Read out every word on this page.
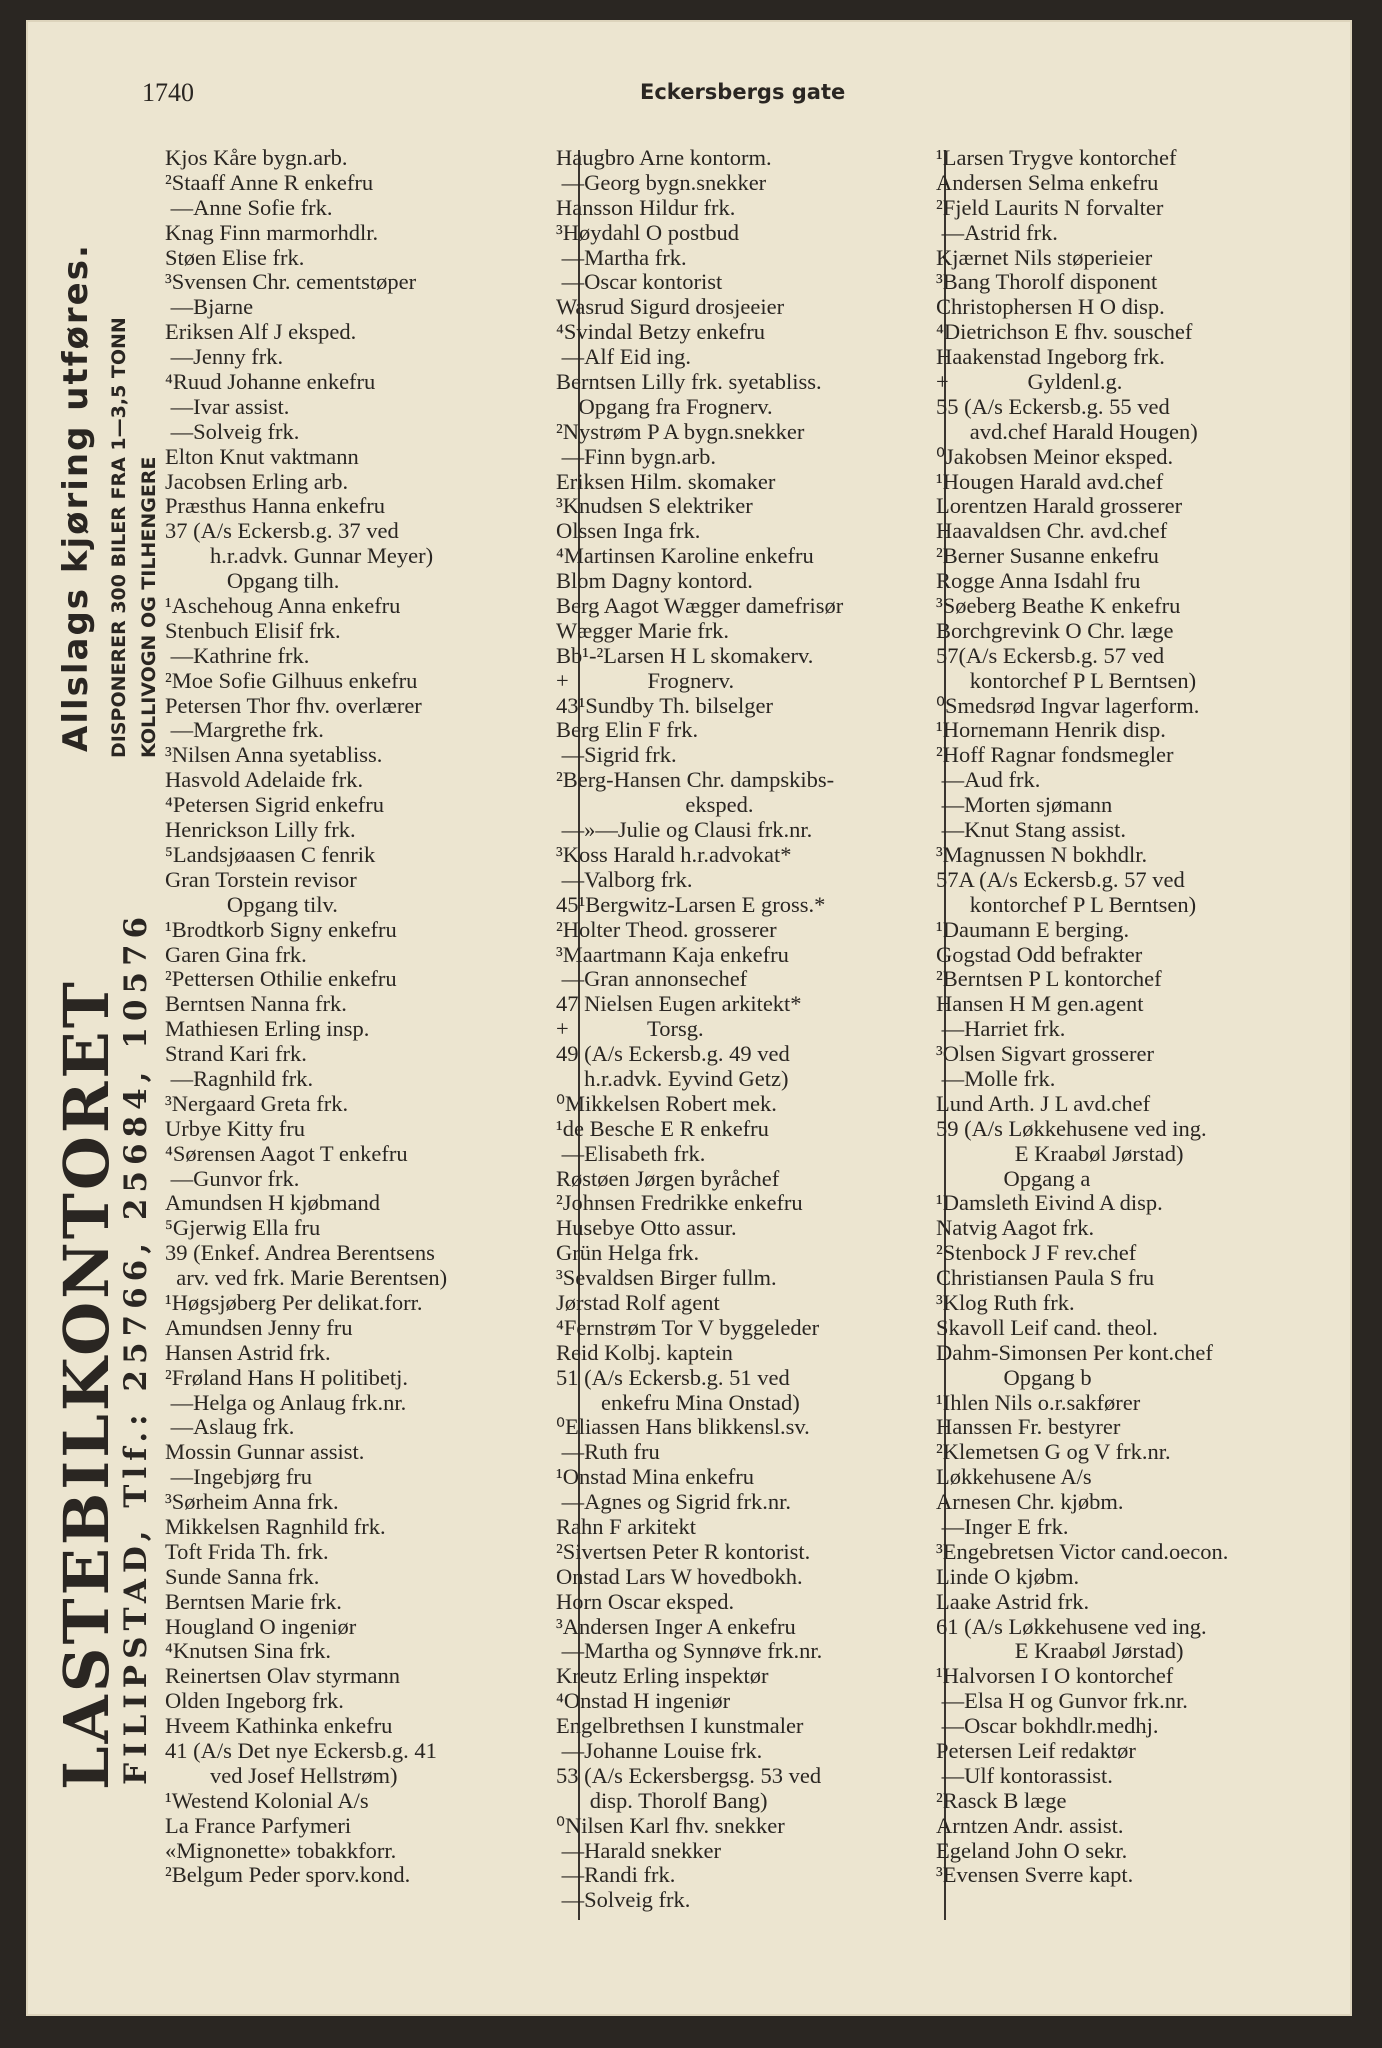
1740	Eckersbergs gate
LASTEBILKONTORET
FILIPSTAD, Tlf.: 25766, 25684, 10576
Allslags kjøring utføres. DISPONERER 300 BILER FRA 1—3,5 TONN KOLLIVOGN OG TILHENGERE
Kjos Kåre bygn.arb.
²Staaff Anne R enkefru
—Anne Sofie frk.
Knag Finn marmorhdlr.
Støen Elise frk.
³Svensen Chr. cementstøper
—Bjarne
Eriksen Alf J eksped.
—Jenny frk.
⁴Ruud Johanne enkefru
—Ivar assist.
—Solveig frk.
Elton Knut vaktmann
Jacobsen Erling arb.
Præsthus Hanna enkefru
37 (A/s Eckersb.g. 37 ved
h.r.advk. Gunnar Meyer)
Opgang tilh.
¹Aschehoug Anna enkefru
Stenbuch Elisif frk.
—Kathrine frk.
²Moe Sofie Gilhuus enkefru
Petersen Thor fhv. overlærer
—Margrethe frk.
³Nilsen Anna syetabliss.
Hasvold Adelaide frk.
⁴Petersen Sigrid enkefru
Henrickson Lilly frk.
⁵Landsjøaasen C fenrik
Gran Torstein revisor
Opgang tilv.
¹Brodtkorb Signy enkefru
Garen Gina frk.
²Pettersen Othilie enkefru
Berntsen Nanna frk.
Mathiesen Erling insp.
Strand Kari frk.
—Ragnhild frk.
³Nergaard Greta frk.
Urbye Kitty fru
⁴Sørensen Aagot T enkefru
—Gunvor frk.
Amundsen H kjøbmand
⁵Gjerwig Ella fru
39 (Enkef. Andrea Berentsens
arv. ved frk. Marie Berentsen)
¹Høgsjøberg Per delikat.forr.
Amundsen Jenny fru
Hansen Astrid frk.
²Frøland Hans H politibetj.
—Helga og Anlaug frk.nr.
—Aslaug frk.
Mossin Gunnar assist.
—Ingebjørg fru
³Sørheim Anna frk.
Mikkelsen Ragnhild frk.
Toft Frida Th. frk.
Sunde Sanna frk.
Berntsen Marie frk.
Hougland O ingeniør
⁴Knutsen Sina frk.
Reinertsen Olav styrmann
Olden Ingeborg frk.
Hveem Kathinka enkefru
41 (A/s Det nye Eckersb.g. 41
ved Josef Hellstrøm)
¹Westend Kolonial A/s
La France Parfymeri
«Mignonette» tobakkforr.
²Belgum Peder sporv.kond.
Haugbro Arne kontorm.
—Georg bygn.snekker
Hansson Hildur frk.
³Høydahl O postbud
—Martha frk.
—Oscar kontorist
Wasrud Sigurd drosjeeier
⁴Svindal Betzy enkefru
—Alf Eid ing.
Berntsen Lilly frk. syetabliss.
Opgang fra Frognerv.
²Nystrøm P A bygn.snekker
—Finn bygn.arb.
Eriksen Hilm. skomaker
³Knudsen S elektriker
Olssen Inga frk.
⁴Martinsen Karoline enkefru
Blom Dagny kontord.
Berg Aagot Wægger damefrisør
Wægger Marie frk.
Bb¹-²Larsen H L skomakerv.
+              Frognerv.
43¹Sundby Th. bilselger
Berg Elin F frk.
—Sigrid frk.
²Berg-Hansen Chr. dampskibs-
eksped.
—»—Julie og Clausi frk.nr.
³Koss Harald h.r.advokat*
—Valborg frk.
45¹Bergwitz-Larsen E gross.*
²Holter Theod. grosserer
³Maartmann Kaja enkefru
—Gran annonsechef
47 Nielsen Eugen arkitekt*
+              Torsg.
49 (A/s Eckersb.g. 49 ved
h.r.advk. Eyvind Getz)
⁰Mikkelsen Robert mek.
¹de Besche E R enkefru
—Elisabeth frk.
Røstøen Jørgen byråchef
²Johnsen Fredrikke enkefru
Husebye Otto assur.
Grün Helga frk.
³Sevaldsen Birger fullm.
Jørstad Rolf agent
⁴Fernstrøm Tor V byggeleder
Reid Kolbj. kaptein
51 (A/s Eckersb.g. 51 ved
enkefru Mina Onstad)
⁰Eliassen Hans blikkensl.sv.
—Ruth fru
¹Onstad Mina enkefru
—Agnes og Sigrid frk.nr.
Rahn F arkitekt
²Sivertsen Peter R kontorist.
Onstad Lars W hovedbokh.
Horn Oscar eksped.
³Andersen Inger A enkefru
—Martha og Synnøve frk.nr.
Kreutz Erling inspektør
⁴Onstad H ingeniør
Engelbrethsen I kunstmaler
—Johanne Louise frk.
53 (A/s Eckersbergsg. 53 ved
disp. Thorolf Bang)
⁰Nilsen Karl fhv. snekker
—Harald snekker
—Randi frk.
—Solveig frk.
¹Larsen Trygve kontorchef
Andersen Selma enkefru
²Fjeld Laurits N forvalter
—Astrid frk.
Kjærnet Nils støperieier
³Bang Thorolf disponent
Christophersen H O disp.
⁴Dietrichson E fhv. souschef
Haakenstad Ingeborg frk.
+              Gyldenl.g.
55 (A/s Eckersb.g. 55 ved
avd.chef Harald Hougen)
⁰Jakobsen Meinor eksped.
¹Hougen Harald avd.chef
Lorentzen Harald grosserer
Haavaldsen Chr. avd.chef
²Berner Susanne enkefru
Rogge Anna Isdahl fru
³Søeberg Beathe K enkefru
Borchgrevink O Chr. læge
57(A/s Eckersb.g. 57 ved
kontorchef P L Berntsen)
⁰Smedsrød Ingvar lagerform.
¹Hornemann Henrik disp.
²Hoff Ragnar fondsmegler
—Aud frk.
—Morten sjømann
—Knut Stang assist.
³Magnussen N bokhdlr.
57A (A/s Eckersb.g. 57 ved
kontorchef P L Berntsen)
¹Daumann E berging.
Gogstad Odd befrakter
²Berntsen P L kontorchef
Hansen H M gen.agent
—Harriet frk.
³Olsen Sigvart grosserer
—Molle frk.
Lund Arth. J L avd.chef
59 (A/s Løkkehusene ved ing.
E Kraabøl Jørstad)
Opgang a
¹Damsleth Eivind A disp.
Natvig Aagot frk.
²Stenbock J F rev.chef
Christiansen Paula S fru
³Klog Ruth frk.
Skavoll Leif cand. theol.
Dahm-Simonsen Per kont.chef
Opgang b
¹Ihlen Nils o.r.sakfører
Hanssen Fr. bestyrer
²Klemetsen G og V frk.nr.
Løkkehusene A/s
Arnesen Chr. kjøbm.
—Inger E frk.
³Engebretsen Victor cand.oecon.
Linde O kjøbm.
Laake Astrid frk.
61 (A/s Løkkehusene ved ing.
E Kraabøl Jørstad)
¹Halvorsen I O kontorchef
—Elsa H og Gunvor frk.nr.
—Oscar bokhdlr.medhj.
Petersen Leif redaktør
—Ulf kontorassist.
²Rasck B læge
Arntzen Andr. assist.
Egeland John O sekr.
³Evensen Sverre kapt.
